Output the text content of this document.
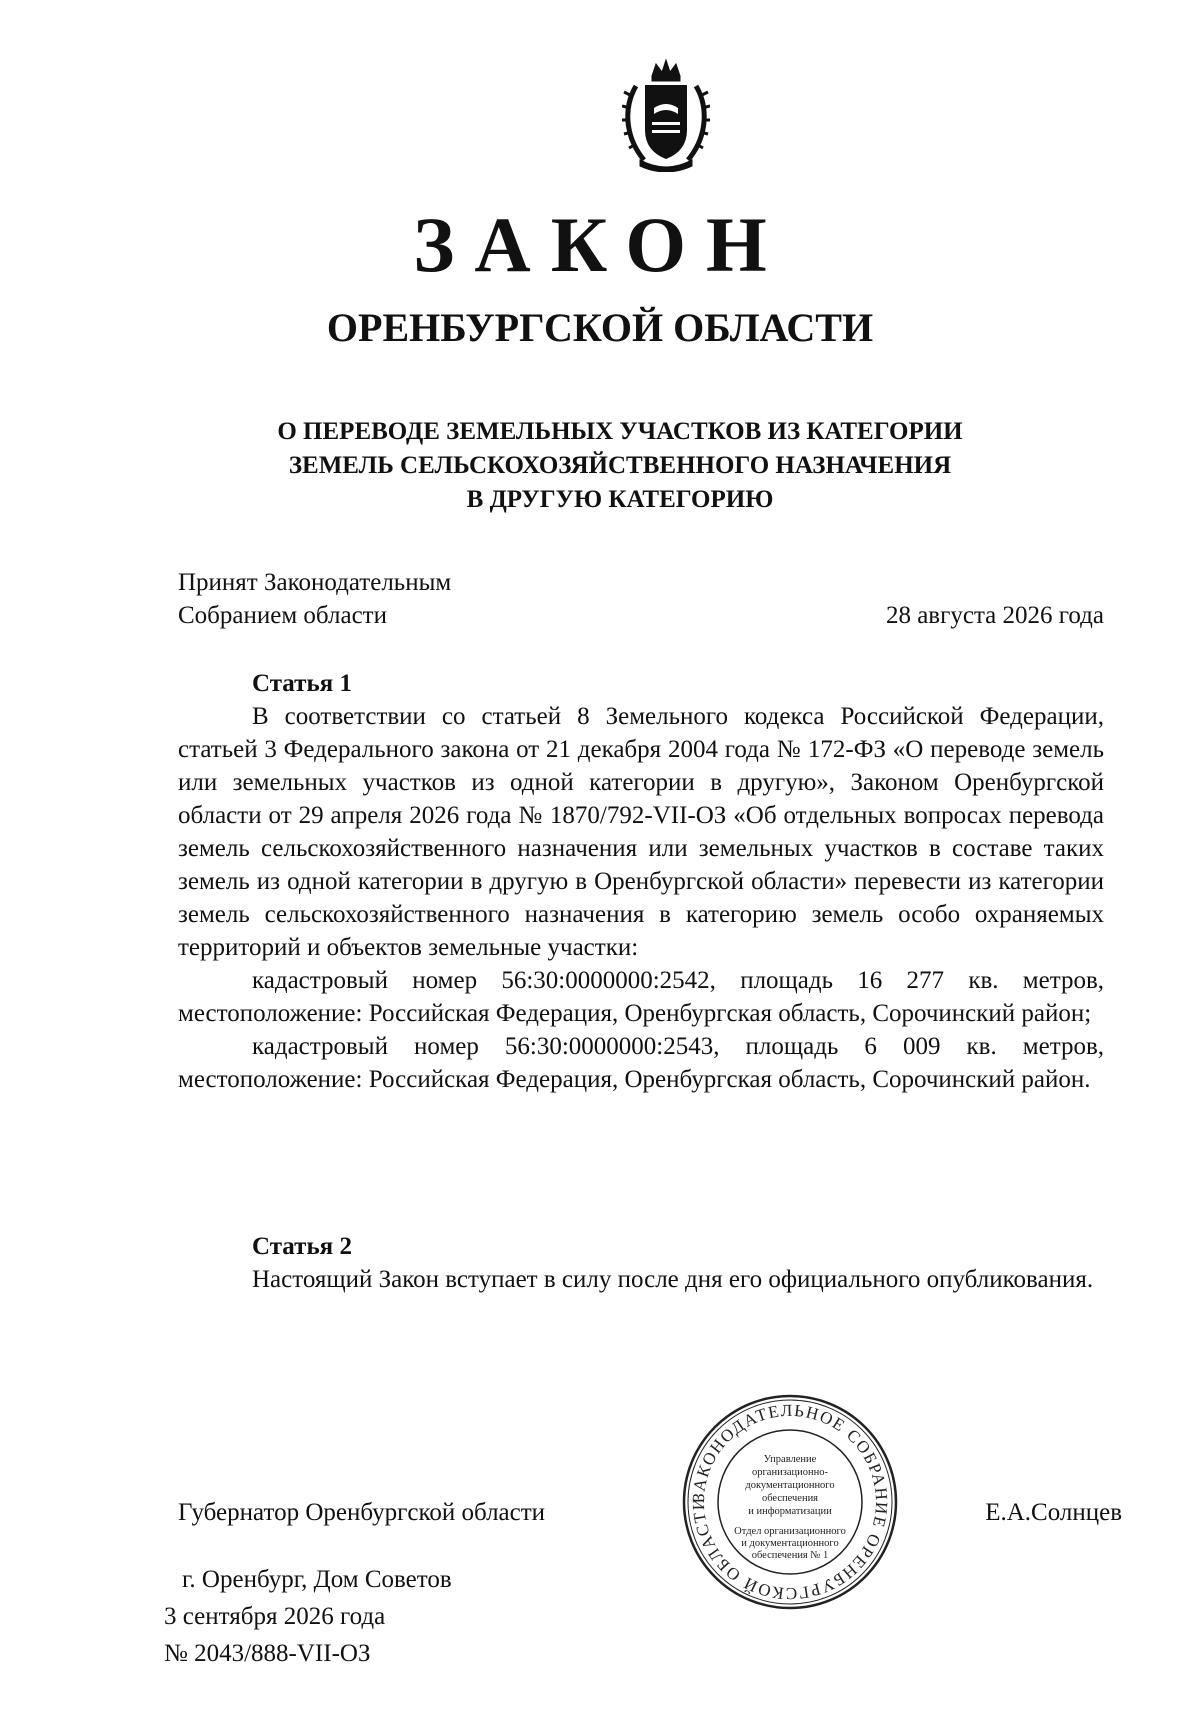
ЗАКОН
ОРЕНБУРГСКОЙ ОБЛАСТИ
О ПЕРЕВОДЕ ЗЕМЕЛЬНЫХ УЧАСТКОВ ИЗ КАТЕГОРИИ
ЗЕМЕЛЬ СЕЛЬСКОХОЗЯЙСТВЕННОГО НАЗНАЧЕНИЯ
В ДРУГУЮ КАТЕГОРИЮ
Принят Законодательным
Собранием области	28 августа 2026 года
Статья 1

В соответствии со статьей 8 Земельного кодекса Российской Федерации, статьей 3 Федерального закона от 21 декабря 2004 года № 172-ФЗ «О переводе земель или земельных участков из одной категории в другую», Законом Оренбургской области от 29 апреля 2026 года № 1870/792-VII-ОЗ «Об отдельных вопросах перевода земель сельскохозяйственного назначения или земельных участков в составе таких земель из одной категории в другую в Оренбургской области» перевести из категории земель сельскохозяйственного назначения в категорию земель особо охраняемых территорий и объектов земельные участки:

кадастровый номер 56:30:0000000:2542, площадь 16 277 кв. метров, местоположение: Российская Федерация, Оренбургская область, Сорочинский район;

кадастровый номер 56:30:0000000:2543, площадь 6 009 кв. метров, местоположение: Российская Федерация, Оренбургская область, Сорочинский район.

Статья 2

Настоящий Закон вступает в силу после дня его официального опубликования.

Губернатор Оренбургской области	Е.А.Солнцев
г. Оренбург, Дом Советов
3 сентября 2026 года
№ 2043/888-VII-ОЗ
ЗАКОНОДАТЕЛЬНОЕ СОБРАНИЕ ОРЕНБУРГСКОЙ ОБЛАСТИ
Управление
организационно-
документационного
обеспечения
и информатизации
Отдел организационного
и документационного
обеспечения № 1
